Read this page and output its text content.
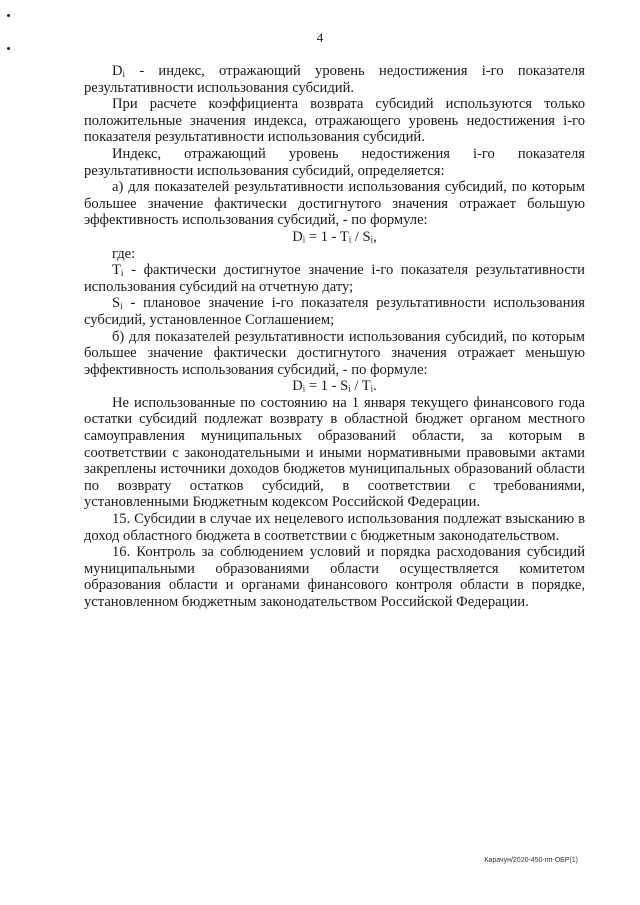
4

$D_i$ - индекс, отражающий уровень недостижения i-го показателя результативности использования субсидий.

При расчете коэффициента возврата субсидий используются только положительные значения индекса, отражающего уровень недостижения i-го показателя результативности использования субсидий.

Индекс, отражающий уровень недостижения i-го показателя результативности использования субсидий, определяется:

а) для показателей результативности использования субсидий, по которым большее значение фактически достигнутого значения отражает большую эффективность использования субсидий, - по формуле:

Dᵢ = 1 - Tᵢ / Sᵢ,

где:

$T_i$ - фактически достигнутое значение i-го показателя результативности использования субсидий на отчетную дату;

$S_i$ - плановое значение i-го показателя результативности использования субсидий, установленное Соглашением;

б) для показателей результативности использования субсидий, по которым большее значение фактически достигнутого значения отражает меньшую эффективность использования субсидий, - по формуле:

Dᵢ = 1 - Sᵢ / Tᵢ.

Не использованные по состоянию на 1 января текущего финансового года остатки субсидий подлежат возврату в областной бюджет органом местного самоуправления муниципальных образований области, за которым в соответствии с законодательными и иными нормативными правовыми актами закреплены источники доходов бюджетов муниципальных образований области по возврату остатков субсидий, в соответствии с требованиями, установленными Бюджетным кодексом Российской Федерации.

15. Субсидии в случае их нецелевого использования подлежат взысканию в доход областного бюджета в соответствии с бюджетным законодательством.

16. Контроль за соблюдением условий и порядка расходования субсидий муниципальными образованиями области осуществляется комитетом образования области и органами финансового контроля области в порядке, установленном бюджетным законодательством Российской Федерации.

Карачун/2020-450-пп-ОБР(1)
